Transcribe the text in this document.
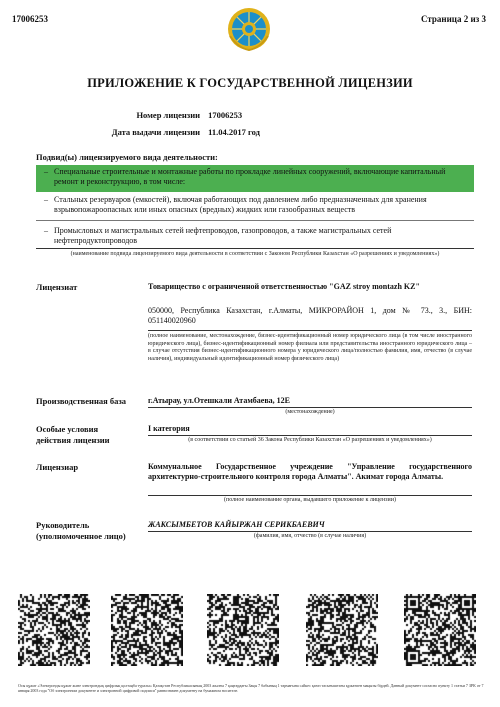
17006253	Страница 2 из 3
ПРИЛОЖЕНИЕ К ГОСУДАРСТВЕННОЙ ЛИЦЕНЗИИ
Номер лицензии 17006253
Дата выдачи лицензии 11.04.2017 год
Подвид(ы) лицензируемого вида деятельности:
– Специальные строительные и монтажные работы по прокладке линейных сооружений, включающие капитальный ремонт и реконструкцию, в том числе:
– Стальных резервуаров (емкостей), включая работающих под давлением либо предназначенных для хранения взрывопожароопасных или иных опасных (вредных) жидких или газообразных веществ
– Промысловых и магистральных сетей нефтепроводов, газопроводов, а также магистральных сетей нефтепродуктопроводов
(наименование подвида лицензируемого вида деятельности в соответствии с Законом Республики Казахстан «О разрешениях и уведомлениях»)
Лицензиат	Товарищество с ограниченной ответственностью "GAZ stroy montazh KZ"
050000, Республика Казахстан, г.Алматы, МИКРОРАЙОН 1, дом № 73., 3., БИН: 051140020960
(полное наименование, местонахождение, бизнес-идентификационный номер юридического лица (в том числе иностранного юридического лица), бизнес-идентификационный номер филиала или представительства иностранного юридического лица – в случае отсутствия бизнес-идентификационного номера у юридического лица/полностью фамилия, имя, отчество (в случае наличия), индивидуальный идентификационный номер физического лица)
Производственная база	г.Атырау, ул.Отешкали Атамбаева, 12Е
(местонахождение)
Особые условия
действия лицензии
I категория
(в соответствии со статьей 36 Закона Республики Казахстан «О разрешениях и уведомлениях»)
Лицензиар	Коммунальное Государственное учреждение "Управление государственного архитектурно-строительного контроля города Алматы". Акимат города Алматы.
(полное наименование органа, выдавшего приложение к лицензии)
Руководитель
(уполномоченное лицо)
ЖАКСЫМБЕТОВ КАЙЫРЖАН СЕРИКБАЕВИЧ
(фамилия, имя, отчество (в случае наличия)
Осы құжат «Электронды құжат және электрондық цифрлық қолтаңба туралы» Қазақстан Республикасының 2003 жылғы 7 қаңтардағы Заңы 7 бабының 1 тармағына сәйкес қағаз тасығыштағы құжатпен маңызы бірдей. Данный документ согласно пункту 1 статьи 7 ЗРК от 7 января 2003 года "Об электронном документе и электронной цифровой подписи" равнозначен документу на бумажном носителе.
